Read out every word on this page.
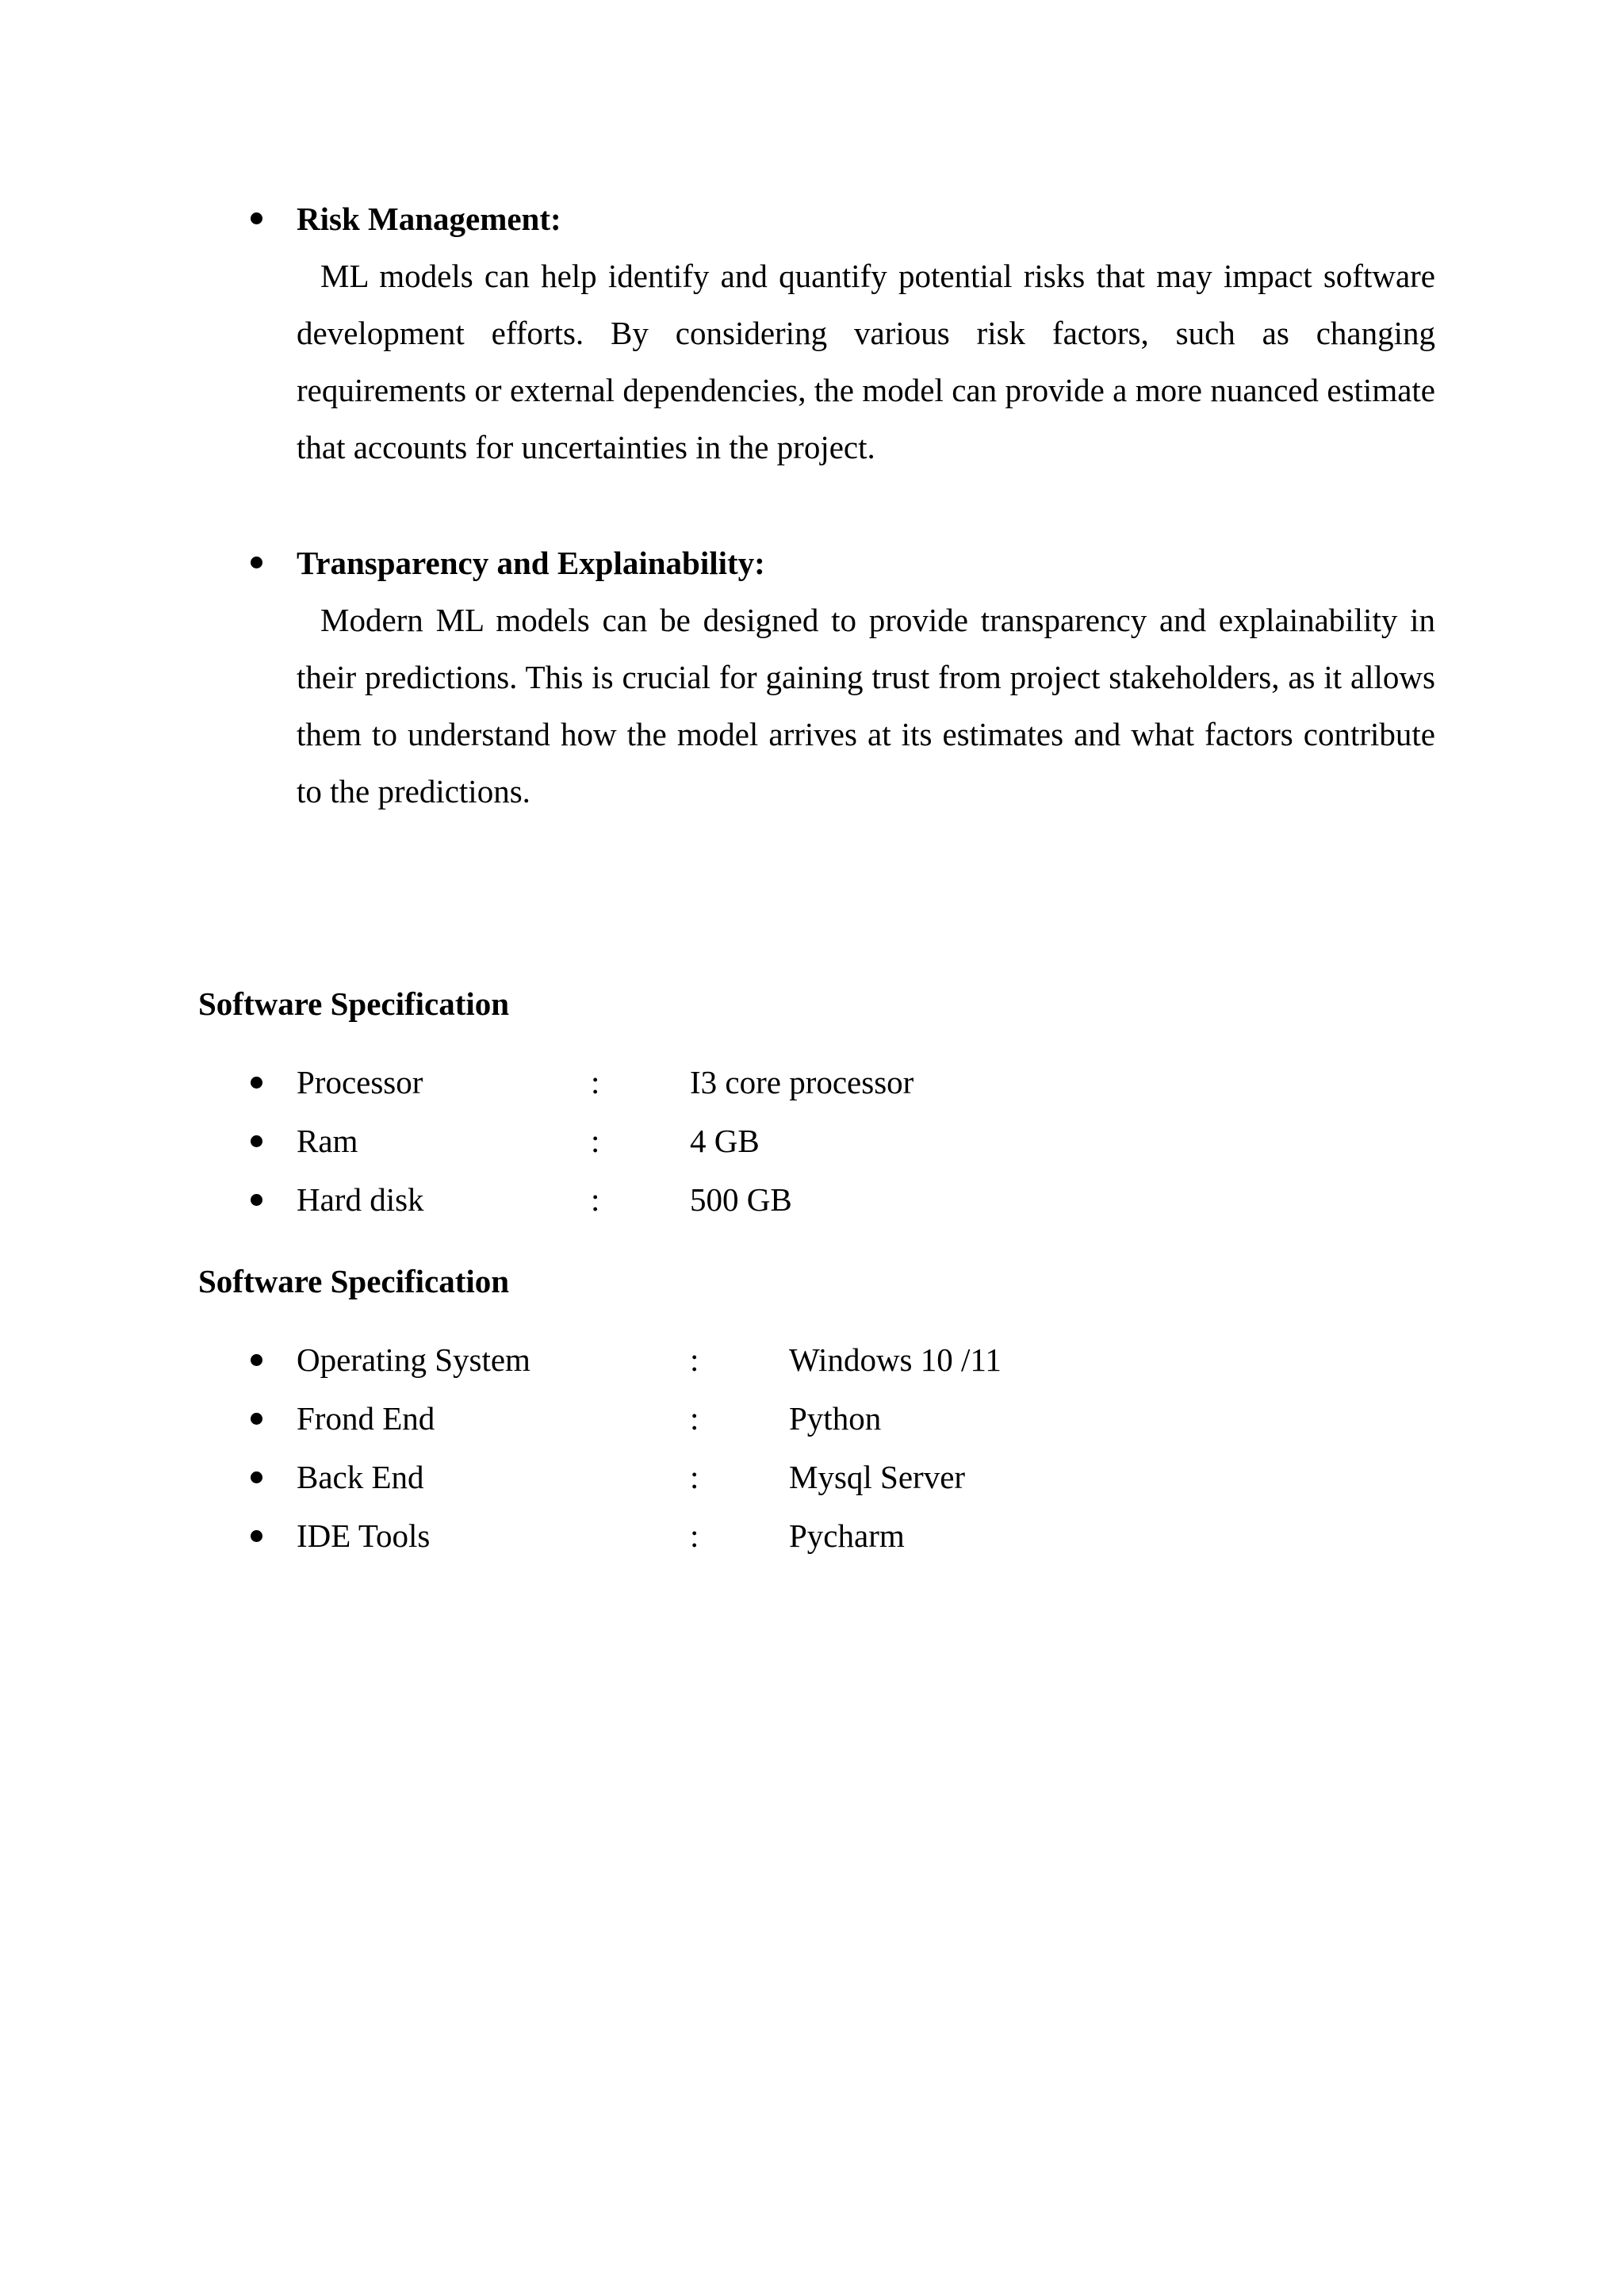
Risk Management:
ML models can help identify and quantify potential risks that may impact software development efforts. By considering various risk factors, such as changing requirements or external dependencies, the model can provide a more nuanced estimate that accounts for uncertainties in the project.
Transparency and Explainability:
Modern ML models can be designed to provide transparency and explainability in their predictions. This is crucial for gaining trust from project stakeholders, as it allows them to understand how the model arrives at its estimates and what factors contribute to the predictions.
Software Specification
Processor	:	I3 core processor
Ram	:	4 GB
Hard disk	:	500 GB
Software Specification
Operating System	:	Windows 10 /11
Frond End	:	Python
Back End	:	Mysql Server
IDE Tools	:	Pycharm
